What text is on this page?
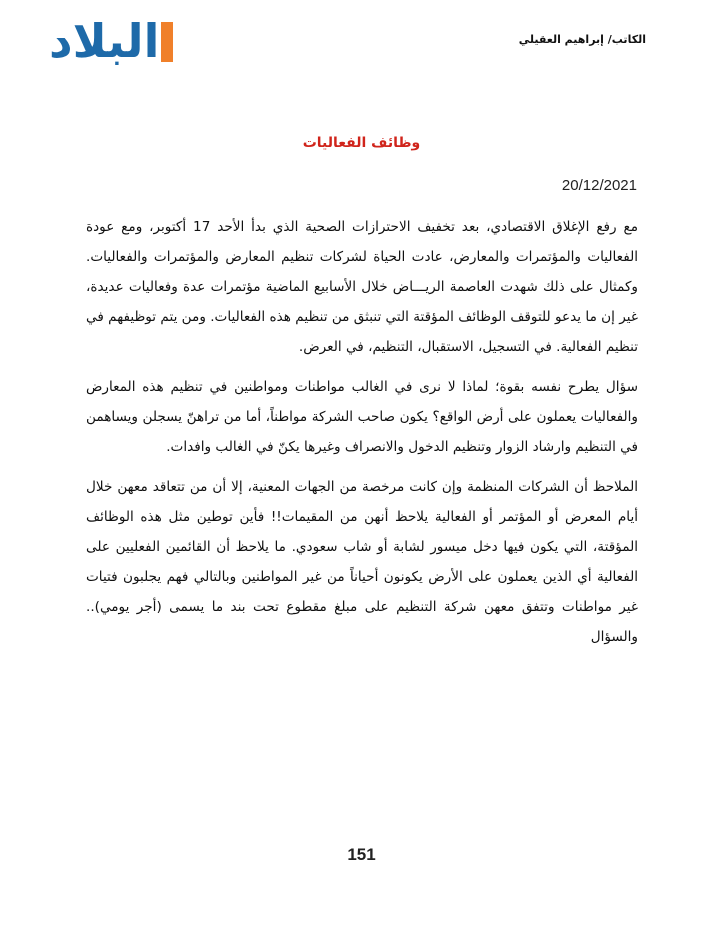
البلاد	ALBILAD	الكاتب/ إبراهيم العقيلي
وظائف الفعاليات
20/12/2021

مع رفع الإغلاق الاقتصادي، بعد تخفيف الاحترازات الصحية الذي بدأ الأحد 17 أكتوبر، ومع عودة الفعاليات والمؤتمرات والمعارض، عادت الحياة لشركات تنظيم المعارض والمؤتمرات والفعاليات. وكمثال على ذلك شهدت العاصمة الريـــاض خلال الأسابيع الماضية مؤتمرات عدة وفعاليات عديدة، غير إن ما يدعو للتوقف الوظائف المؤقتة التي تنبثق من تنظيم هذه الفعاليات. ومن يتم توظيفهم في تنظيم الفعالية. في التسجيل، الاستقبال، التنظيم، في العرض.

سؤال يطرح نفسه بقوة؛ لماذا لا نرى في الغالب مواطنات ومواطنين في تنظيم هذه المعارض والفعاليات يعملون على أرض الواقع؟ يكون صاحب الشركة مواطناً، أما من تراهنّ يسجلن ويساهمن في التنظيم وارشاد الزوار وتنظيم الدخول والانصراف وغيرها يكنّ في الغالب وافدات.

الملاحظ أن الشركات المنظمة وإن كانت مرخصة من الجهات المعنية، إلا أن من تتعاقد معهن خلال أيام المعرض أو المؤتمر أو الفعالية يلاحظ أنهن من المقيمات!! فأين توطين مثل هذه الوظائف المؤقتة، التي يكون فيها دخل ميسور لشابة أو شاب سعودي. ما يلاحظ أن القائمين الفعليين على الفعالية أي الذين يعملون على الأرض يكونون أحياناً من غير المواطنين وبالتالي فهم يجلبون فتيات غير مواطنات وتتفق معهن شركة التنظيم على مبلغ مقطوع تحت بند ما يسمى (أجر يومي).. والسؤال

151
